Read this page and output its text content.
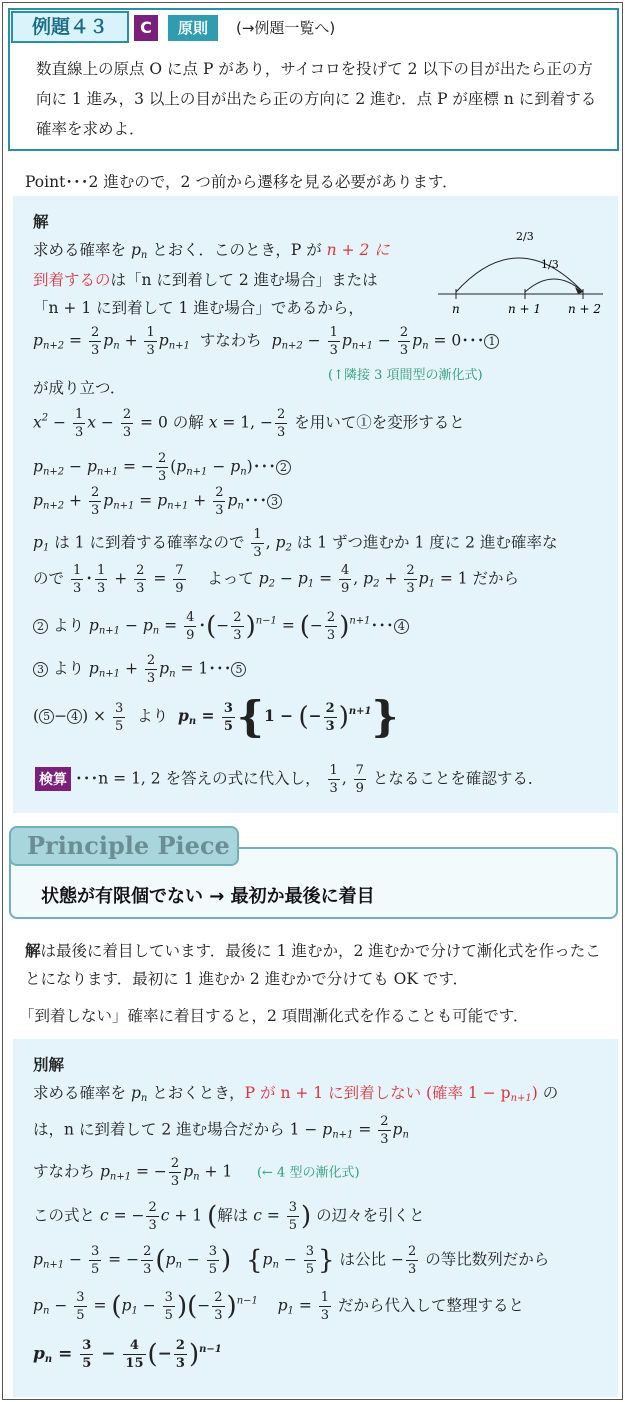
例題４３	C	原則	(→例題一覧へ)
数直線上の原点 O に点 P があり，サイコロを投げて 2 以下の目が出たら正の方向に 1 進み，3 以上の目が出たら正の方向に 2 進む．点 P が座標 n に到着する確率を求めよ．
Point･･･2 進むので，2 つ前から遷移を見る必要があります．
解
求める確率を $p_n$ とおく．このとき，P が n + 2 に
到着するのは「n に到着して 2 進む場合」または
「n + 1 に到着して 1 進む場合」であるから，	n	n + 1 n + 2
2/3
1/3
$p_{n+2} = \frac{2}{3} p_n + \frac{1}{3} p_{n+1}$ すなわち $p_{n+2} - \frac{1}{3} p_{n+1} - \frac{2}{3} p_n = 0$･･･ 1
が成り立つ．
(↑隣接 3 項間型の漸化式)
$x^2 - \frac{1}{3}$ $x - \frac{2}{3} = 0$ の解 x = 1, − $\frac{2}{3}$ を用いて①を変形すると
$p_{n+2} - p_{n+1}$ = − $\frac{2}{3} (p_{n+1} - p_n)$･･･ 2
$p_{n+2} + \frac{2}{3} p_{n+1} = p_{n+1} + \frac{2}{3} p_n$･･･ 3
$p_1$ は 1 に到着する確率なので $\frac{1}{3}$ , $p_2$ は 1 ずつ進むか 1 度に 2 進む確率な
ので $\frac{1}{3}$ ･ $\frac{1}{3} + \frac{2}{3} = \frac{7}{9}$ よって $p_2 - p_1 = \frac{4}{9}$ , $p_2 + \frac{2}{3} p_1 = 1$ だから
2 より $p_{n+1} - p_n = \frac{4}{9}$ ･(− $\frac{2}{3} )^{n-1}$ = (− $\frac{2}{3} )^{n+1}$･･･ 4
3 より $p_{n+1} + \frac{2}{3} p_n = 1$･･･ 5
( 5 − 4 ) × $\frac{3}{5}$ より $p_n = \frac{3}{5} \{1$ − (− $\frac{2}{3} )^{n+1}$}
検算 ･･･n = 1, 2 を答えの式に代入し， $\frac{1}{3}$ , $\frac{7}{9}$ となることを確認する．
状態が有限個でない → 最初か最後に着目
Principle Piece
解は最後に着目しています．最後に 1 進むか，2 進むかで分けて漸化式を作ったことになります．最初に 1 進むか 2 進むかで分けても OK です．
「到着しない」確率に着目すると，2 項間漸化式を作ることも可能です．
別解
求める確率を $p_n$ とおくとき，P が n + 1 に到着しない (確率 $1 - p_{n+1}$) の
は，n に到着して 2 進む場合だから $1 - p_{n+1} = \frac{2}{3} p_n$
すなわち $p_{n+1}$ = − $\frac{2}{3} p_n + 1$     (← 4 型の漸化式)
この式と c = − $\frac{2}{3}$ c + 1 (解は $c = \frac{3}{5}$ ) の辺々を引くと
$p_{n+1} - \frac{3}{5}$ = − $\frac{2}{3} (p_n - \frac{3}{5}$ ) {$p_n - \frac{3}{5}$ } は公比 − $\frac{2}{3}$ の等比数列だから
$p_n - \frac{3}{5} = (p_1 - \frac{3}{5}$ )(− $\frac{2}{3} )^{n-1}$ $p_1 = \frac{1}{3}$ だから代入して整理すると
$p_n = \frac{3}{5} - \frac{4}{15}$ (− $\frac{2}{3} )^{n-1}$
